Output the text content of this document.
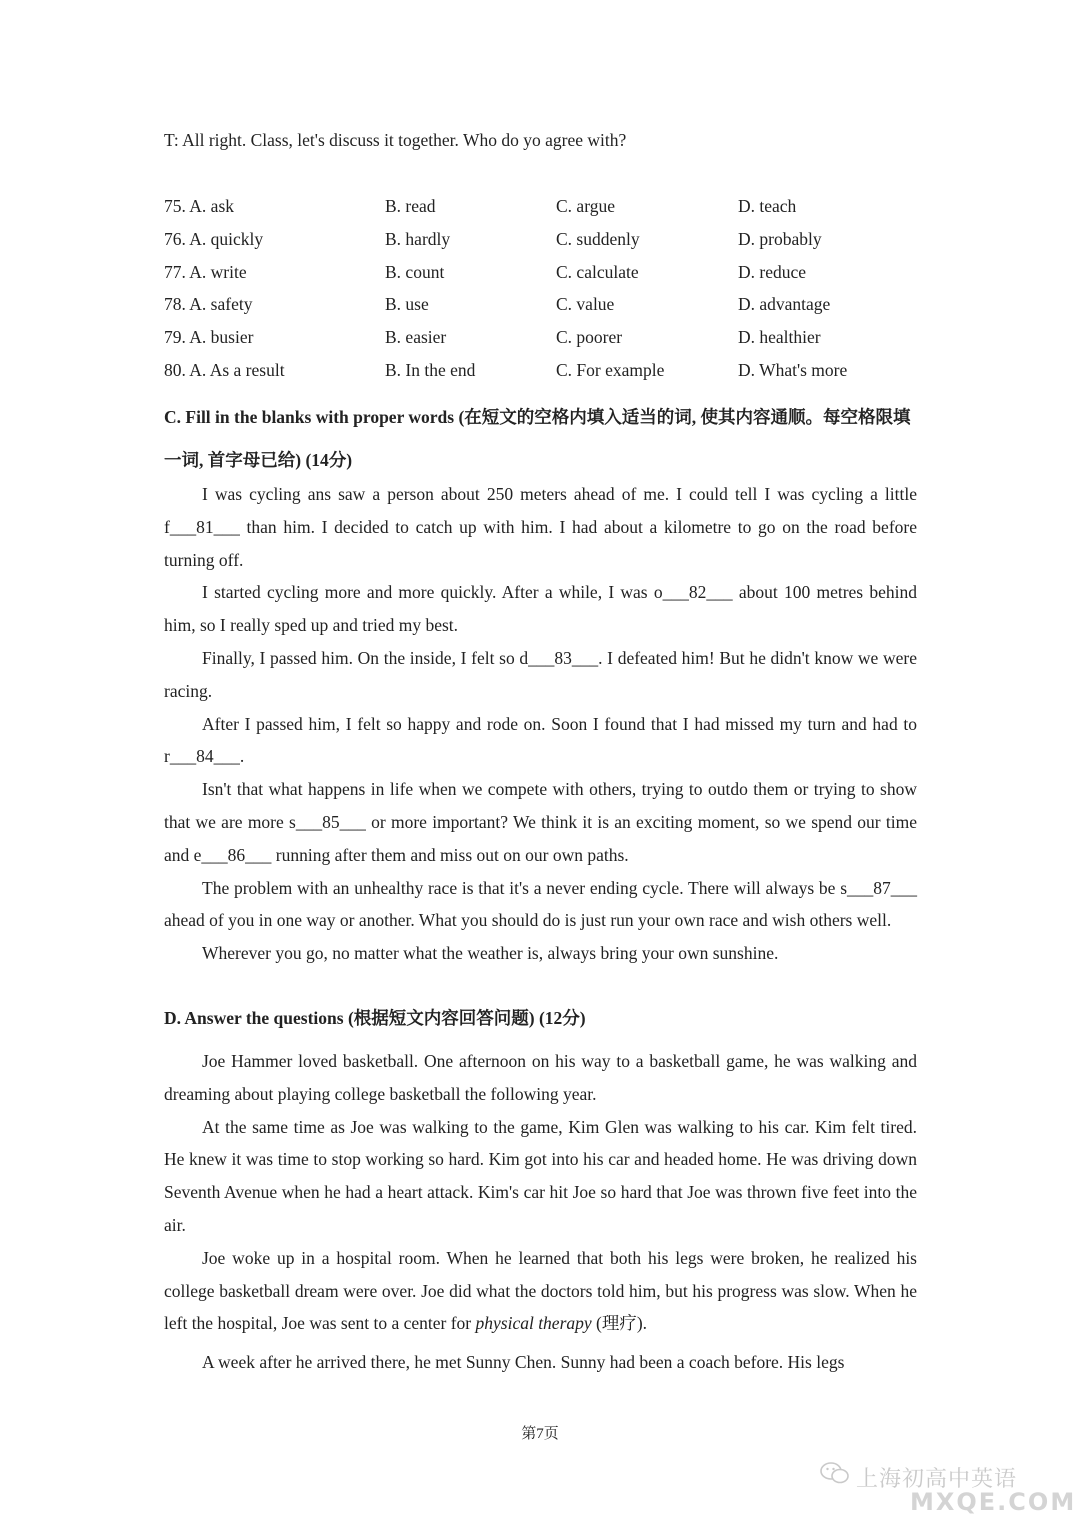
T: All right. Class, let's discuss it together. Who do yo agree with?
75. A. ask	B. read	C. argue	D. teach
76. A. quickly	B. hardly	C. suddenly	D. probably
77. A. write	B. count	C. calculate	D. reduce
78. A. safety	B. use	C. value	D. advantage
79. A. busier	B. easier	C. poorer	D. healthier
80. A. As a result	B. In the end	C. For example	D. What's more
C. Fill in the blanks with proper words (在短文的空格内填入适当的词, 使其内容通顺。每空格限填一词, 首字母已给) (14分)

I was cycling ans saw a person about 250 meters ahead of me. I could tell I was cycling a little f___81___ than him. I decided to catch up with him. I had about a kilometre to go on the road before turning off.

I started cycling more and more quickly. After a while, I was o___82___ about 100 metres behind him, so I really sped up and tried my best.

Finally, I passed him. On the inside, I felt so d___83___. I defeated him! But he didn't know we were racing.

After I passed him, I felt so happy and rode on. Soon I found that I had missed my turn and had to r___84___.

Isn't that what happens in life when we compete with others, trying to outdo them or trying to show that we are more s___85___ or more important? We think it is an exciting moment, so we spend our time and e___86___ running after them and miss out on our own paths.

The problem with an unhealthy race is that it's a never ending cycle. There will always be s___87___ ahead of you in one way or another. What you should do is just run your own race and wish others well.

Wherever you go, no matter what the weather is, always bring your own sunshine.

D. Answer the questions (根据短文内容回答问题) (12分)

Joe Hammer loved basketball. One afternoon on his way to a basketball game, he was walking and dreaming about playing college basketball the following year.

At the same time as Joe was walking to the game, Kim Glen was walking to his car. Kim felt tired. He knew it was time to stop working so hard. Kim got into his car and headed home. He was driving down Seventh Avenue when he had a heart attack. Kim's car hit Joe so hard that Joe was thrown five feet into the air.

Joe woke up in a hospital room. When he learned that both his legs were broken, he realized his college basketball dream were over. Joe did what the doctors told him, but his progress was slow. When he left the hospital, Joe was sent to a center for physical therapy (理疗).

A week after he arrived there, he met Sunny Chen. Sunny had been a coach before. His legs

第7页
上海初高中英语
MXQE.COM
